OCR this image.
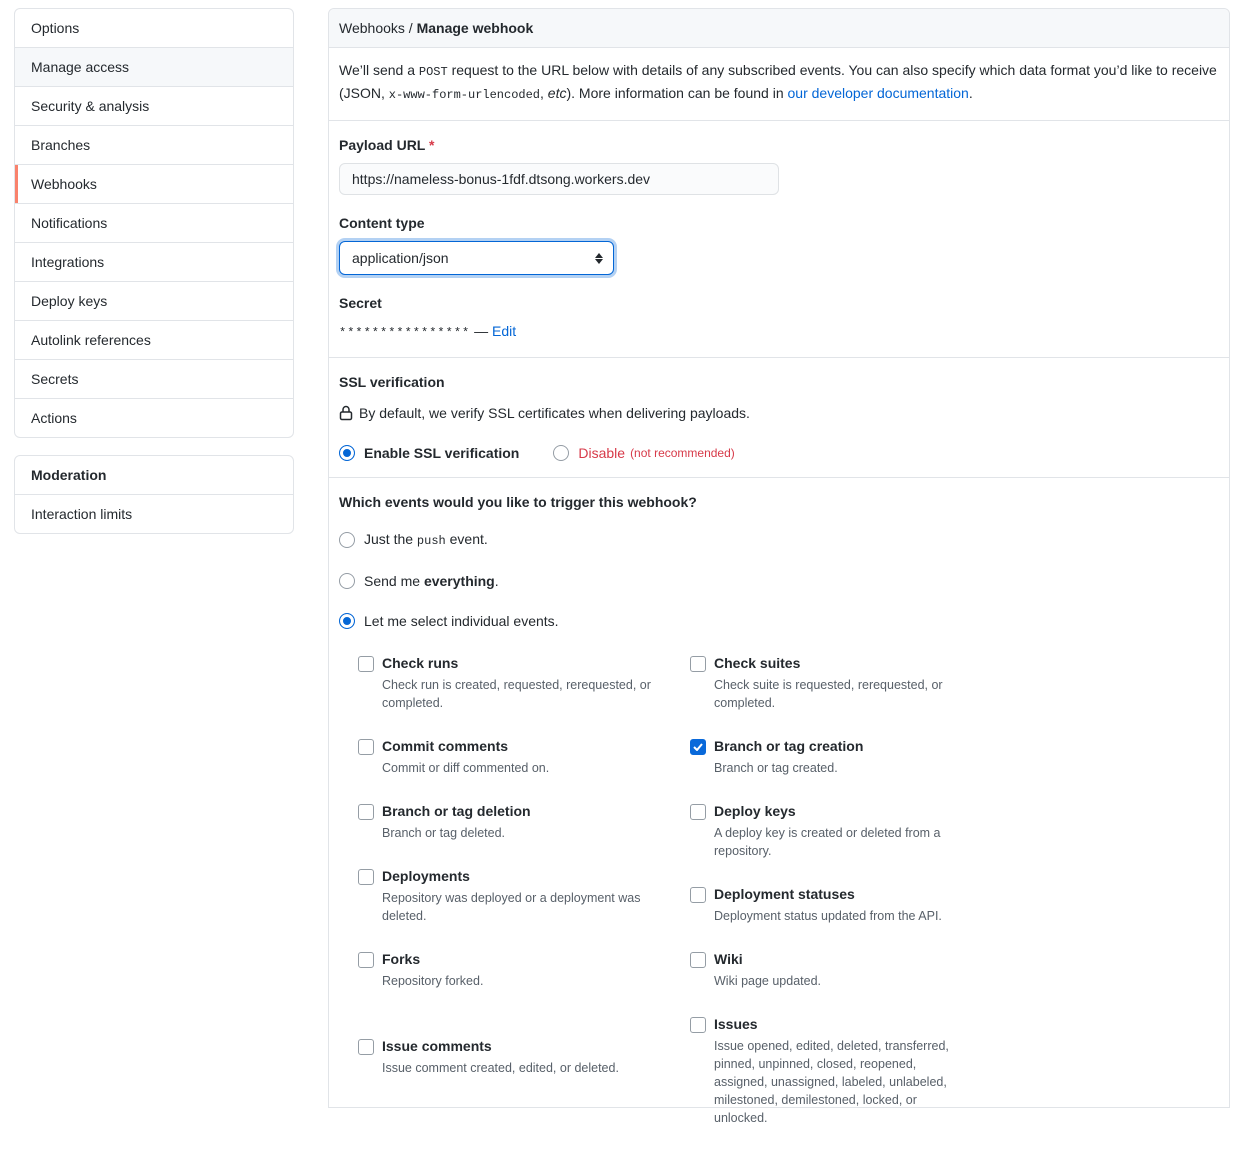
Options
Manage access
Security & analysis
Branches
Webhooks
Notifications
Integrations
Deploy keys
Autolink references
Secrets
Actions
Moderation
Interaction limits
Webhooks / Manage webhook

We’ll send a POST request to the URL below with details of any subscribed events. You can also specify which data format you’d like to receive (JSON, x-www-form-urlencoded, etc). More information can be found in our developer documentation.

Payload URL *
https://nameless-bonus-1fdf.dtsong.workers.dev
Content type
application/json
Secret
**************** — Edit
SSL verification
By default, we verify SSL certificates when delivering payloads.
Enable SSL verification	Disable (not recommended)
Which events would you like to trigger this webhook?
Just the push event.
Send me everything.
Let me select individual events.
Check runs
Check run is created, requested, rerequested, or completed.
Commit comments
Commit or diff commented on.
Branch or tag deletion
Branch or tag deleted.
Deployments
Repository was deployed or a deployment was deleted.
Forks
Repository forked.
Issue comments
Issue comment created, edited, or deleted.
Check suites
Check suite is requested, rerequested, or completed.
Branch or tag creation
Branch or tag created.
Deploy keys
A deploy key is created or deleted from a repository.
Deployment statuses
Deployment status updated from the API.
Wiki
Wiki page updated.
Issues
Issue opened, edited, deleted, transferred, pinned, unpinned, closed, reopened, assigned, unassigned, labeled, unlabeled, milestoned, demilestoned, locked, or unlocked.
